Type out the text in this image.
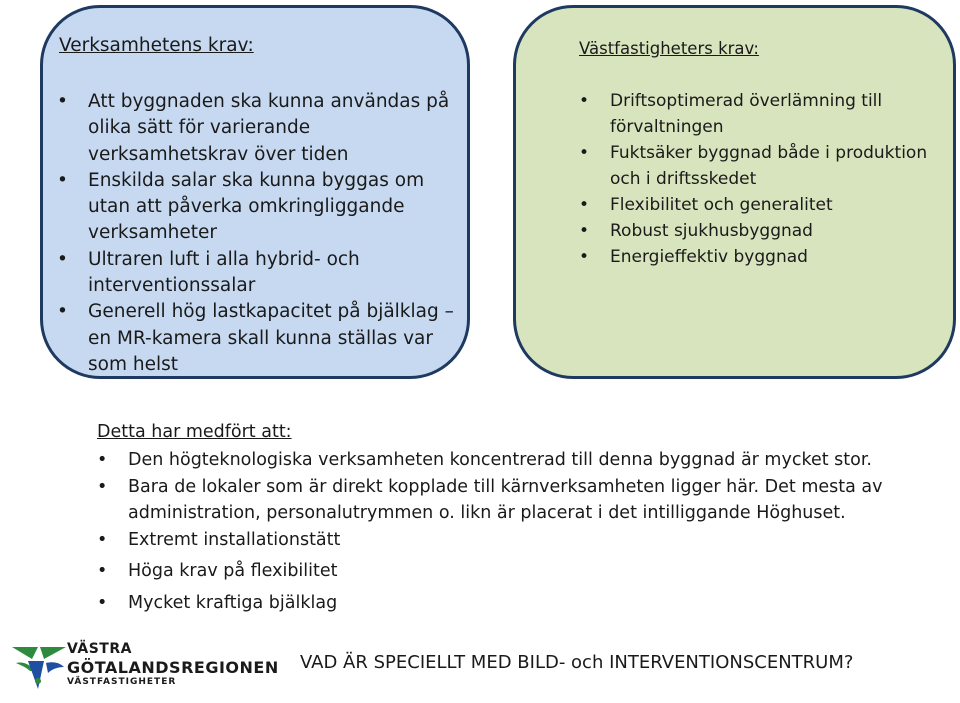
Verksamhetens krav:
• Att byggnaden ska kunna användas på olika sätt för varierande verksamhetskrav över tiden
• Enskilda salar ska kunna byggas om utan att påverka omkringliggande verksamheter
• Ultraren luft i alla hybrid- och interventionssalar
• Generell hög lastkapacitet på bjälklag – en MR-kamera skall kunna ställas var som helst
Västfastigheters krav:
• Driftsoptimerad överlämning till förvaltningen
• Fuktsäker byggnad både i produktion och i driftsskedet
• Flexibilitet och generalitet
• Robust sjukhusbyggnad
• Energieffektiv byggnad
Detta har medfört att:
• Den högteknologiska verksamheten koncentrerad till denna byggnad är mycket stor.
• Bara de lokaler som är direkt kopplade till kärnverksamheten ligger här. Det mesta av administration, personalutrymmen o. likn är placerat i det intilliggande Höghuset.
• Extremt installationstätt
• Höga krav på flexibilitet
• Mycket kraftiga bjälklag
VÄSTRA
GÖTALANDSREGIONEN
VÄSTFASTIGHETER
VAD ÄR SPECIELLT MED BILD- och INTERVENTIONSCENTRUM?
